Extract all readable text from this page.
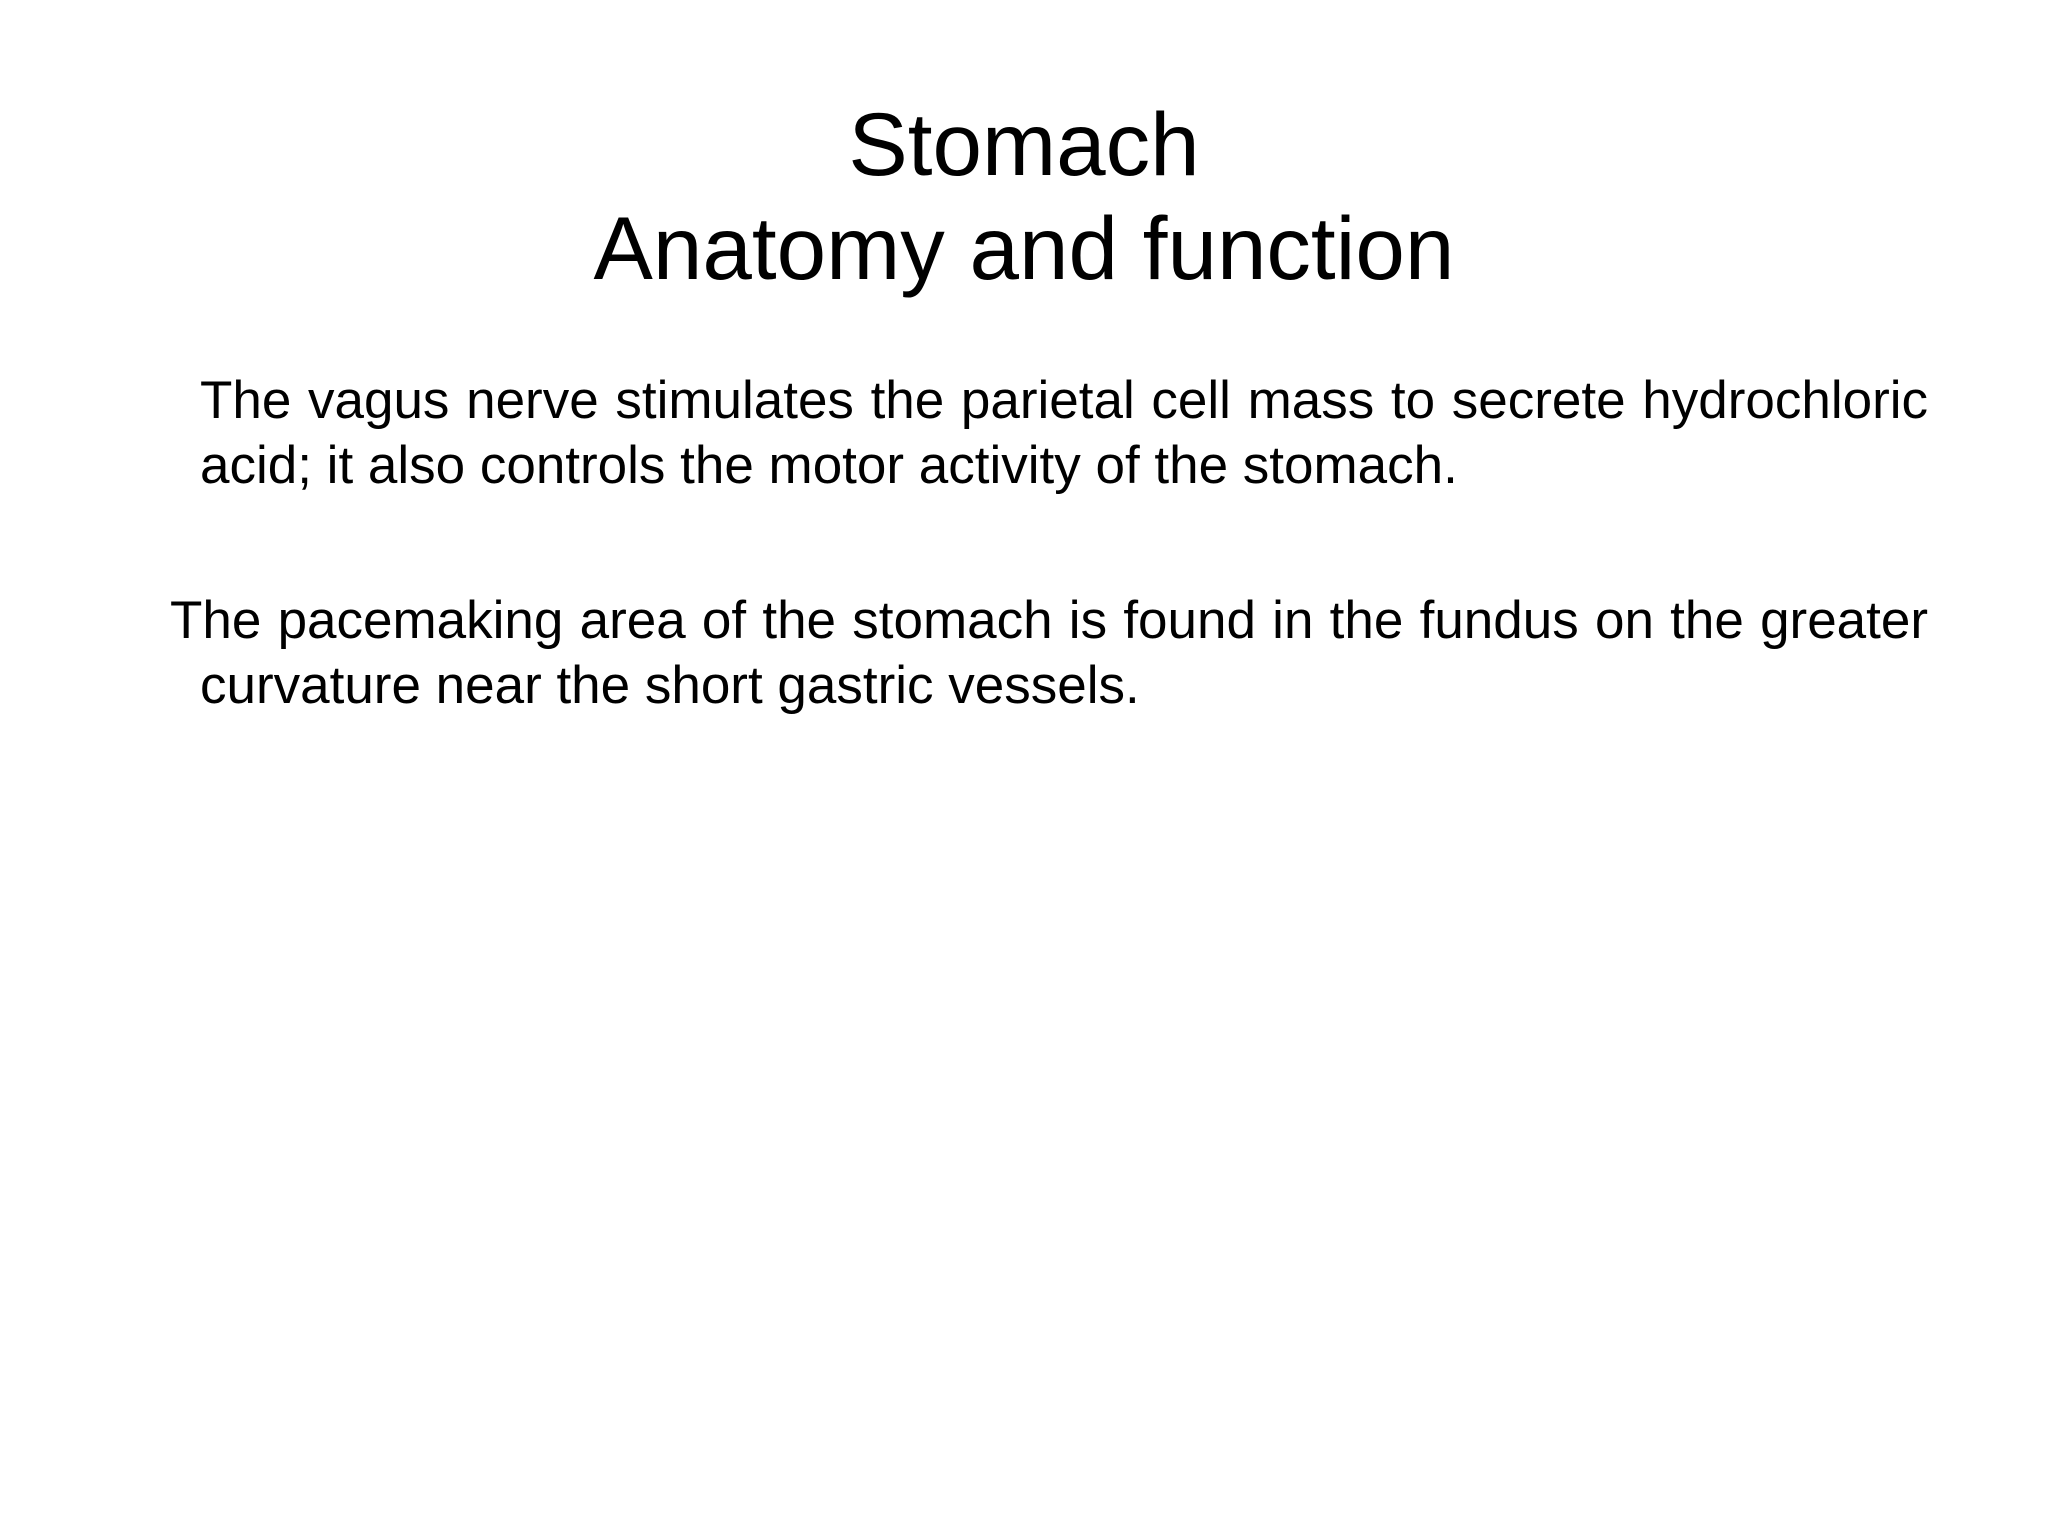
Stomach
Anatomy and function

The vagus nerve stimulates the parietal cell mass to secrete hydrochloric acid; it also controls the motor activity of the stomach.

The pacemaking area of the stomach is found in the fundus on the greater curvature near the short gastric vessels.
